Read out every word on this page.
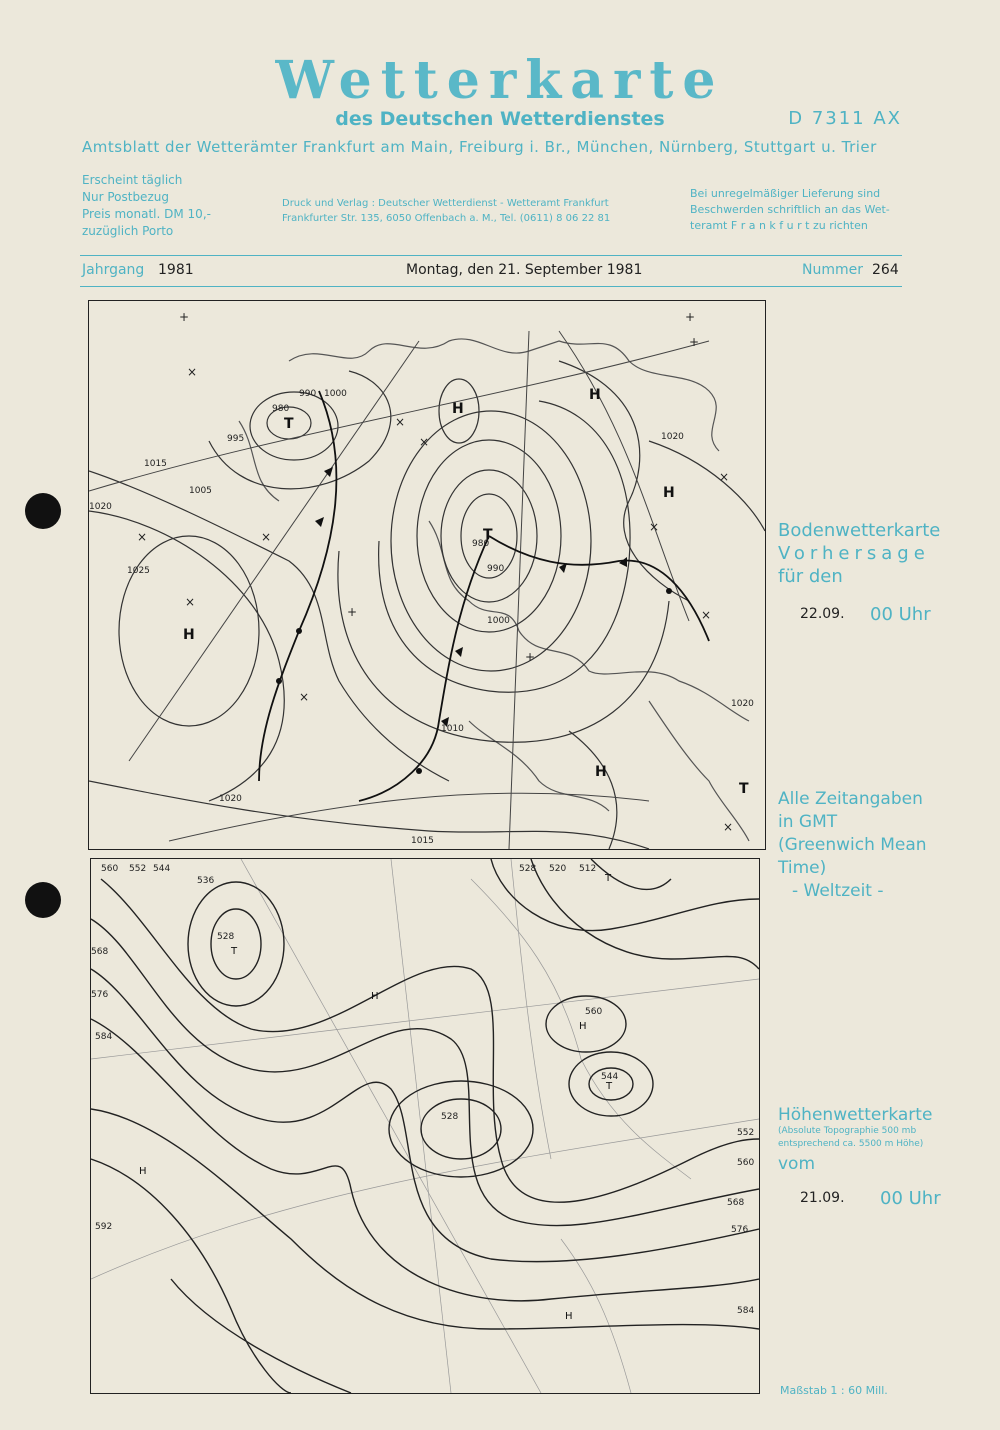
Wetterkarte
des Deutschen Wetterdienstes	D 7311 AX
Amtsblatt der Wetterämter Frankfurt am Main, Freiburg i. Br., München, Nürnberg, Stuttgart u. Trier
Erscheint täglich
Nur Postbezug
Preis monatl. DM 10,-
zuzüglich Porto
Druck und Verlag : Deutscher Wetterdienst - Wetteramt Frankfurt
Frankfurter Str. 135, 6050 Offenbach a. M., Tel. (0611) 8 06 22 81
Bei unregelmäßiger Lieferung sind
Beschwerden schriftlich an das Wet-
teramt F r a n k f u r t zu richten
Jahrgang 1981	Montag, den 21. September 1981	Nummer 264
980
990 1000
1005
995
1015
1020
1025
980
990
1000
1010
1015
1020
1020
1020
H
H
H
H
H
T
T
T
+	+
+
×
×
×
×
×
×
×
+
×
×
×
×
+
Bodenwetterkarte
Vorhersage
für den
22.09. 00 Uhr
560 552 544
536
528
528 520 512
568
576
584
592
560
544
528
552
560
568
576
584
T
H
T
H
H
H
T
Alle Zeitangaben
in GMT
(Greenwich Mean
Time)
- Weltzeit -
Höhenwetterkarte
(Absolute Topographie 500 mb
entsprechend ca. 5500 m Höhe)
vom
21.09. 00 Uhr
Maßstab 1 : 60 Mill.
